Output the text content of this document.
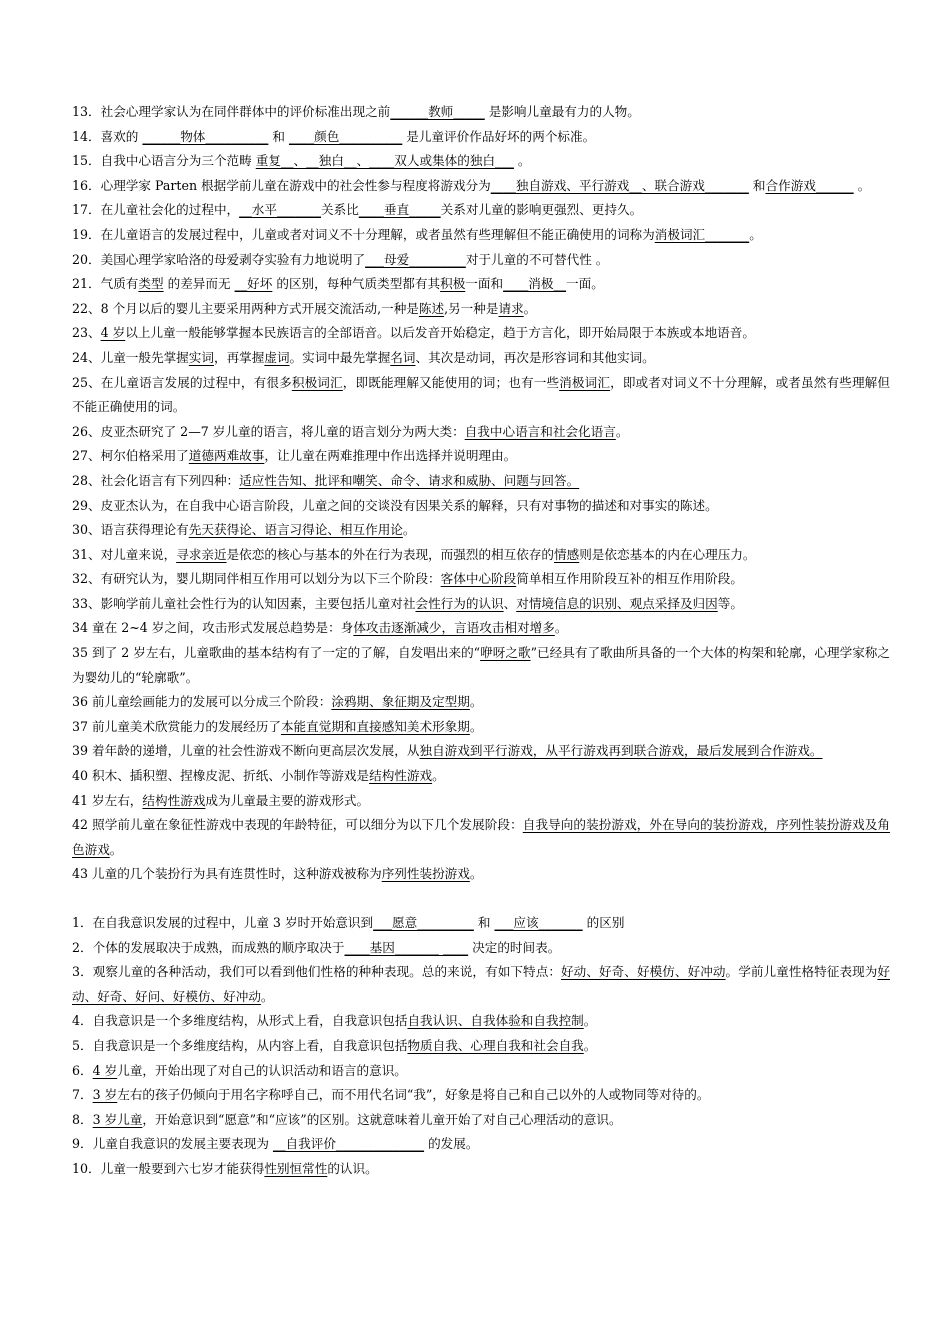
13．社会心理学家认为在同伴群体中的评价标准出现之前______教师_____ 是影响儿童最有力的人物。

14．喜欢的 ______物体__________ 和 ____颜色__________ 是儿童评价作品好坏的两个标准。

15．自我中心语言分为三个范畴 重复__、__独白__、____双人或集体的独白___ 。

16．心理学家 Parten 根据学前儿童在游戏中的社会性参与程度将游戏分为____独自游戏、平行游戏__、联合游戏_______ 和合作游戏______ 。

17．在儿童社会化的过程中，__水平_______关系比____垂直_____关系对儿童的影响更强烈、更持久。

19．在儿童语言的发展过程中，儿童或者对词义不十分理解，或者虽然有些理解但不能正确使用的词称为消极词汇_______。

20．美国心理学家哈洛的母爱剥夺实验有力地说明了___母爱_________对于儿童的不可替代性 。

21．气质有类型 的差异而无 __好坏 的区别，每种气质类型都有其积极一面和____消极__一面。

22、8 个月以后的婴儿主要采用两种方式开展交流活动,一种是陈述,另一种是请求。

23、4 岁以上儿童一般能够掌握本民族语言的全部语音。以后发音开始稳定，趋于方言化，即开始局限于本族或本地语音。

24、儿童一般先掌握实词，再掌握虚词。实词中最先掌握名词、其次是动词，再次是形容词和其他实词。

25、在儿童语言发展的过程中，有很多积极词汇，即既能理解又能使用的词；也有一些消极词汇，即或者对词义不十分理解，或者虽然有些理解但不能正确使用的词。

26、皮亚杰研究了 2—7 岁儿童的语言，将儿童的语言划分为两大类：自我中心语言和社会化语言。

27、柯尔伯格采用了道德两难故事，让儿童在两难推理中作出选择并说明理由。

28、社会化语言有下列四种：适应性告知、批评和嘲笑、命令、请求和威胁、问题与回答。

29、皮亚杰认为，在自我中心语言阶段，儿童之间的交谈没有因果关系的解释，只有对事物的描述和对事实的陈述。

30、语言获得理论有先天获得论、语言习得论、相互作用论。

31、对儿童来说，寻求亲近是依恋的核心与基本的外在行为表现，而强烈的相互依存的情感则是依恋基本的内在心理压力。

32、有研究认为，婴儿期同伴相互作用可以划分为以下三个阶段：客体中心阶段简单相互作用阶段互补的相互作用阶段。

33、影响学前儿童社会性行为的认知因素，主要包括儿童对社会性行为的认识、对情境信息的识别、观点采择及归因等。

34 童在 2~4 岁之间，攻击形式发展总趋势是：身体攻击逐渐减少，言语攻击相对增多。

35 到了 2 岁左右，儿童歌曲的基本结构有了一定的了解，自发唱出来的“咿呀之歌”已经具有了歌曲所具备的一个大体的构架和轮廓，心理学家称之为婴幼儿的“轮廓歌”。

36 前儿童绘画能力的发展可以分成三个阶段：涂鸦期、象征期及定型期。

37 前儿童美术欣赏能力的发展经历了本能直觉期和直接感知美术形象期。

39 着年龄的递增，儿童的社会性游戏不断向更高层次发展，从独自游戏到平行游戏，从平行游戏再到联合游戏，最后发展到合作游戏。

40 积木、插积塑、捏橡皮泥、折纸、小制作等游戏是结构性游戏。

41 岁左右，结构性游戏成为儿童最主要的游戏形式。

42 照学前儿童在象征性游戏中表现的年龄特征，可以细分为以下几个发展阶段：自我导向的装扮游戏，外在导向的装扮游戏，序列性装扮游戏及角色游戏。

43 儿童的几个装扮行为具有连贯性时，这种游戏被称为序列性装扮游戏。

1．在自我意识发展的过程中，儿童 3 岁时开始意识到___愿意_________ 和 ___应该_______ 的区别

2．个体的发展取决于成熟，而成熟的顺序取决于____基因_______ ____ 决定的时间表。

3．观察儿童的各种活动，我们可以看到他们性格的种种表现。总的来说，有如下特点：好动、好奇、好模仿、好冲动。学前儿童性格特征表现为好动、好奇、好问、好模仿、好冲动。

4．自我意识是一个多维度结构，从形式上看，自我意识包括自我认识、自我体验和自我控制。

5．自我意识是一个多维度结构，从内容上看，自我意识包括物质自我、心理自我和社会自我。

6．4 岁儿童，开始出现了对自己的认识活动和语言的意识。

7．3 岁左右的孩子仍倾向于用名字称呼自己，而不用代名词“我”，好象是将自己和自己以外的人或物同等对待的。

8．3 岁儿童，开始意识到“愿意”和“应该”的区别。这就意味着儿童开始了对自己心理活动的意识。

9．儿童自我意识的发展主要表现为 __自我评价______________ 的发展。

10．儿童一般要到六七岁才能获得性别恒常性的认识。
